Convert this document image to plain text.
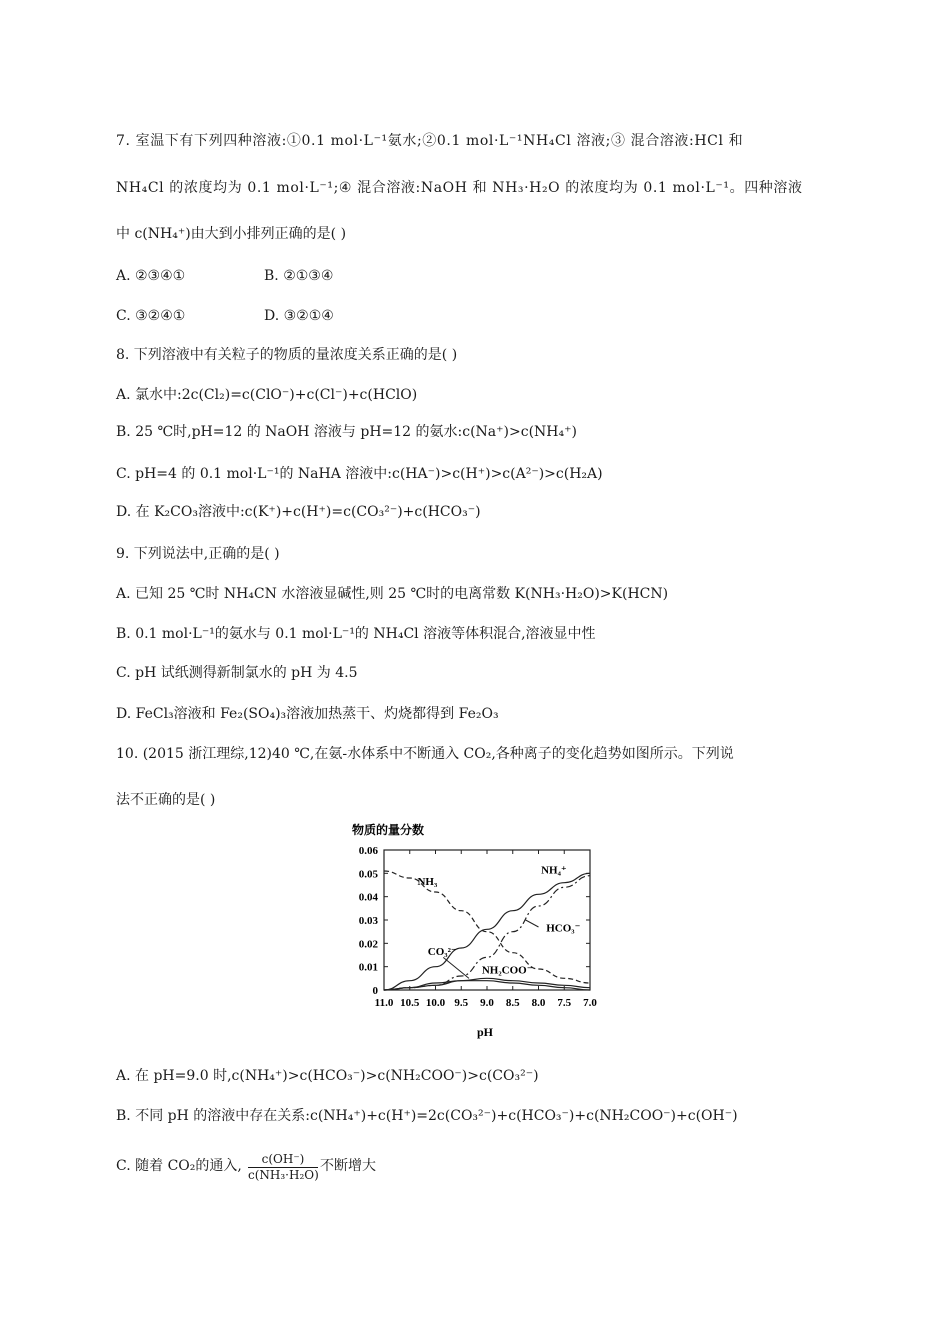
7. 室温下有下列四种溶液:①0.1 mol·L⁻¹氨水;②0.1 mol·L⁻¹NH₄Cl 溶液;③ 混合溶液:HCl 和
NH₄Cl 的浓度均为 0.1 mol·L⁻¹;④ 混合溶液:NaOH 和 NH₃·H₂O 的浓度均为 0.1 mol·L⁻¹。四种溶液
中 c(NH₄⁺)由大到小排列正确的是( )
A. ②③④①	B. ②①③④
C. ③②④①	D. ③②①④
8. 下列溶液中有关粒子的物质的量浓度关系正确的是( )
A. 氯水中:2c(Cl₂)=c(ClO⁻)+c(Cl⁻)+c(HClO)
B. 25 ℃时,pH=12 的 NaOH 溶液与 pH=12 的氨水:c(Na⁺)>c(NH₄⁺)
C. pH=4 的 0.1 mol·L⁻¹的 NaHA 溶液中:c(HA⁻)>c(H⁺)>c(A²⁻)>c(H₂A)
D. 在 K₂CO₃溶液中:c(K⁺)+c(H⁺)=c(CO₃²⁻)+c(HCO₃⁻)
9. 下列说法中,正确的是( )
A. 已知 25 ℃时 NH₄CN 水溶液显碱性,则 25 ℃时的电离常数 K(NH₃·H₂O)>K(HCN)
B. 0.1 mol·L⁻¹的氨水与 0.1 mol·L⁻¹的 NH₄Cl 溶液等体积混合,溶液显中性
C. pH 试纸测得新制氯水的 pH 为 4.5
D. FeCl₃溶液和 Fe₂(SO₄)₃溶液加热蒸干、灼烧都得到 Fe₂O₃
10. (2015 浙江理综,12)40 ℃,在氨-水体系中不断通入 CO₂,各种离子的变化趋势如图所示。下列说
法不正确的是( )
物质的量分数
pH
0
0.01
0.02
0.03
0.04
0.05
0.06
11.0 10.5 10.0 9.5 9.0 8.5 8.0 7.5 7.0
NH₃
NH₄⁺
HCO₃⁻
CO₃²⁻
NH₂COO⁻
A. 在 pH=9.0 时,c(NH₄⁺)>c(HCO₃⁻)>c(NH₂COO⁻)>c(CO₃²⁻)
B. 不同 pH 的溶液中存在关系:c(NH₄⁺)+c(H⁺)=2c(CO₃²⁻)+c(HCO₃⁻)+c(NH₂COO⁻)+c(OH⁻)
C. 随着 CO₂的通入, $\frac{c(OH^-)}{\text{c(NH₃·H₂O)}}$ 不断增大
